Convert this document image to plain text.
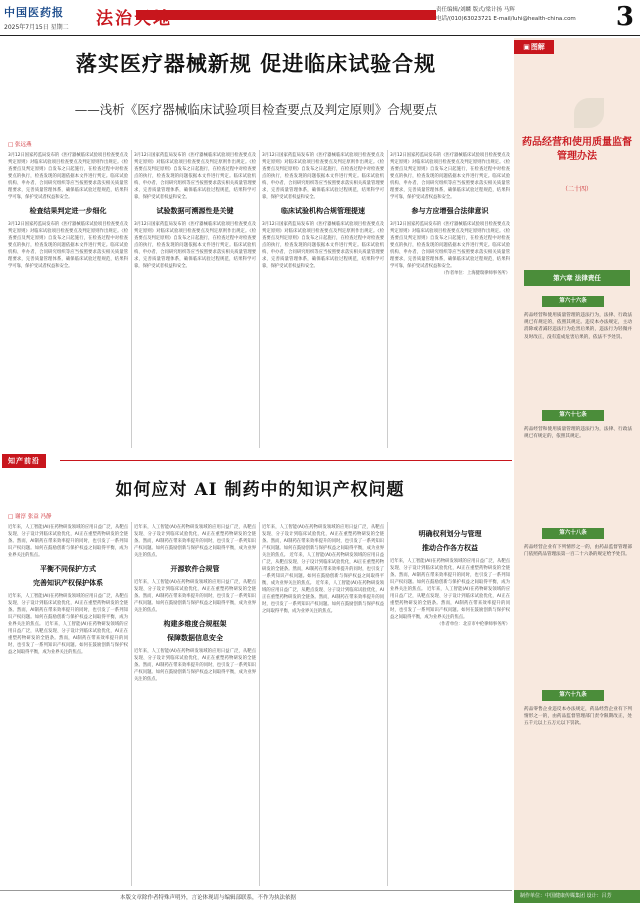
中国医药报
2025年7月15日 星期二 法治天地	责任编辑/刘麟 版式/梁计扬 马辉
电话/(010)63023721 E-mail/luhi@health-china.com	3
落实医疗器械新规 促进临床试验合规
——浅析《医疗器械临床试验项目检查要点及判定原则》合规要点
□ 张远燕
3月12日国家药监局发布的《医疗器械临床试验项目检查要点及判定原则》对临床试验项目检查要点及判定原则作出规定。《检查要点及判定原则》自发布之日起施行，在检查过程中对检查要点的执行，检查发现的问题依据本文件进行判定。临床试验机构、申办者、合同研究组织等应当按照要求落实相关质量管理要求，完善质量管理体系，确保临床试验过程规范，结果科学可靠，保护受试者权益和安全。
检查结果判定进一步细化
3月12日国家药监局发布的《医疗器械临床试验项目检查要点及判定原则》对临床试验项目检查要点及判定原则作出规定。《检查要点及判定原则》自发布之日起施行，在检查过程中对检查要点的执行，检查发现的问题依据本文件进行判定。临床试验机构、申办者、合同研究组织等应当按照要求落实相关质量管理要求，完善质量管理体系，确保临床试验过程规范，结果科学可靠，保护受试者权益和安全。
3月12日国家药监局发布的《医疗器械临床试验项目检查要点及判定原则》对临床试验项目检查要点及判定原则作出规定。《检查要点及判定原则》自发布之日起施行，在检查过程中对检查要点的执行，检查发现的问题依据本文件进行判定。临床试验机构、申办者、合同研究组织等应当按照要求落实相关质量管理要求，完善质量管理体系，确保临床试验过程规范，结果科学可靠，保护受试者权益和安全。
试验数据可溯源性是关键
3月12日国家药监局发布的《医疗器械临床试验项目检查要点及判定原则》对临床试验项目检查要点及判定原则作出规定。《检查要点及判定原则》自发布之日起施行，在检查过程中对检查要点的执行，检查发现的问题依据本文件进行判定。临床试验机构、申办者、合同研究组织等应当按照要求落实相关质量管理要求，完善质量管理体系，确保临床试验过程规范，结果科学可靠，保护受试者权益和安全。
3月12日国家药监局发布的《医疗器械临床试验项目检查要点及判定原则》对临床试验项目检查要点及判定原则作出规定。《检查要点及判定原则》自发布之日起施行，在检查过程中对检查要点的执行，检查发现的问题依据本文件进行判定。临床试验机构、申办者、合同研究组织等应当按照要求落实相关质量管理要求，完善质量管理体系，确保临床试验过程规范，结果科学可靠，保护受试者权益和安全。
临床试验机构合规管理提速
3月12日国家药监局发布的《医疗器械临床试验项目检查要点及判定原则》对临床试验项目检查要点及判定原则作出规定。《检查要点及判定原则》自发布之日起施行，在检查过程中对检查要点的执行，检查发现的问题依据本文件进行判定。临床试验机构、申办者、合同研究组织等应当按照要求落实相关质量管理要求，完善质量管理体系，确保临床试验过程规范，结果科学可靠，保护受试者权益和安全。
3月12日国家药监局发布的《医疗器械临床试验项目检查要点及判定原则》对临床试验项目检查要点及判定原则作出规定。《检查要点及判定原则》自发布之日起施行，在检查过程中对检查要点的执行，检查发现的问题依据本文件进行判定。临床试验机构、申办者、合同研究组织等应当按照要求落实相关质量管理要求，完善质量管理体系，确保临床试验过程规范，结果科学可靠，保护受试者权益和安全。
参与方应增强合法律意识
3月12日国家药监局发布的《医疗器械临床试验项目检查要点及判定原则》对临床试验项目检查要点及判定原则作出规定。《检查要点及判定原则》自发布之日起施行，在检查过程中对检查要点的执行，检查发现的问题依据本文件进行判定。临床试验机构、申办者、合同研究组织等应当按照要求落实相关质量管理要求，完善质量管理体系，确保临床试验过程规范，结果科学可靠，保护受试者权益和安全。
（作者单位：上海健瑞律师事务所）
知产前沿
如何应对 AI 制药中的知识产权问题
□ 谢淳 张益 冯静
近年来，人工智能(AI)在药物研发领域的应用日益广泛，从靶点发现、分子设计到临床试验优化，AI正在重塑药物研发的全链条。然而，AI制药在带来效率提升的同时，也引发了一系列知识产权问题。如何在鼓励创新与保护权益之间取得平衡，成为业界关注的焦点。
平衡不同保护方式
完善知识产权保护体系
近年来，人工智能(AI)在药物研发领域的应用日益广泛，从靶点发现、分子设计到临床试验优化，AI正在重塑药物研发的全链条。然而，AI制药在带来效率提升的同时，也引发了一系列知识产权问题。如何在鼓励创新与保护权益之间取得平衡，成为业界关注的焦点。 近年来，人工智能(AI)在药物研发领域的应用日益广泛，从靶点发现、分子设计到临床试验优化，AI正在重塑药物研发的全链条。然而，AI制药在带来效率提升的同时，也引发了一系列知识产权问题。如何在鼓励创新与保护权益之间取得平衡，成为业界关注的焦点。
近年来，人工智能(AI)在药物研发领域的应用日益广泛，从靶点发现、分子设计到临床试验优化，AI正在重塑药物研发的全链条。然而，AI制药在带来效率提升的同时，也引发了一系列知识产权问题。如何在鼓励创新与保护权益之间取得平衡，成为业界关注的焦点。
开源软件合规管
近年来，人工智能(AI)在药物研发领域的应用日益广泛，从靶点发现、分子设计到临床试验优化，AI正在重塑药物研发的全链条。然而，AI制药在带来效率提升的同时，也引发了一系列知识产权问题。如何在鼓励创新与保护权益之间取得平衡，成为业界关注的焦点。
构建多维度合规框架
保障数据信息安全
近年来，人工智能(AI)在药物研发领域的应用日益广泛，从靶点发现、分子设计到临床试验优化，AI正在重塑药物研发的全链条。然而，AI制药在带来效率提升的同时，也引发了一系列知识产权问题。如何在鼓励创新与保护权益之间取得平衡，成为业界关注的焦点。
近年来，人工智能(AI)在药物研发领域的应用日益广泛，从靶点发现、分子设计到临床试验优化，AI正在重塑药物研发的全链条。然而，AI制药在带来效率提升的同时，也引发了一系列知识产权问题。如何在鼓励创新与保护权益之间取得平衡，成为业界关注的焦点。 近年来，人工智能(AI)在药物研发领域的应用日益广泛，从靶点发现、分子设计到临床试验优化，AI正在重塑药物研发的全链条。然而，AI制药在带来效率提升的同时，也引发了一系列知识产权问题。如何在鼓励创新与保护权益之间取得平衡，成为业界关注的焦点。 近年来，人工智能(AI)在药物研发领域的应用日益广泛，从靶点发现、分子设计到临床试验优化，AI正在重塑药物研发的全链条。然而，AI制药在带来效率提升的同时，也引发了一系列知识产权问题。如何在鼓励创新与保护权益之间取得平衡，成为业界关注的焦点。
明确权利划分与管理
推动合作各方权益
近年来，人工智能(AI)在药物研发领域的应用日益广泛，从靶点发现、分子设计到临床试验优化，AI正在重塑药物研发的全链条。然而，AI制药在带来效率提升的同时，也引发了一系列知识产权问题。如何在鼓励创新与保护权益之间取得平衡，成为业界关注的焦点。 近年来，人工智能(AI)在药物研发领域的应用日益广泛，从靶点发现、分子设计到临床试验优化，AI正在重塑药物研发的全链条。然而，AI制药在带来效率提升的同时，也引发了一系列知识产权问题。如何在鼓励创新与保护权益之间取得平衡，成为业界关注的焦点。
（作者单位：北京市中伦律师事务所）
本版文章除作者特殊声明外，言论体现请与编辑部联系，不作为执法依据
▣图解
药品经营和使用质量监督管理办法
（二十四）
第六章 法律责任
第六十六条
药品经营和使用质量管理的违法行为，法律、行政法规已有规定的，依照其规定。违反本办法规定，主动消除或者减轻违法行为危害后果的，违法行为轻微并及时改正，没有造成危害后果的，依法不予处罚。
第六十七条
药品经营和使用质量管理的违法行为，法律、行政法规已有规定的，依照其规定。
第六十八条
药品经营企业有下列情形之一的，由药品监督管理部门依照药品管理法第一百二十六条的规定给予处罚。
第六十九条
药品零售企业违反本办法规定，药品经营企业有下列情形之一的，由药品监督管理部门责令限期改正，处五千元以上五万元以下罚款。
制作单位：中国健康传媒集团 设计：吕芳
